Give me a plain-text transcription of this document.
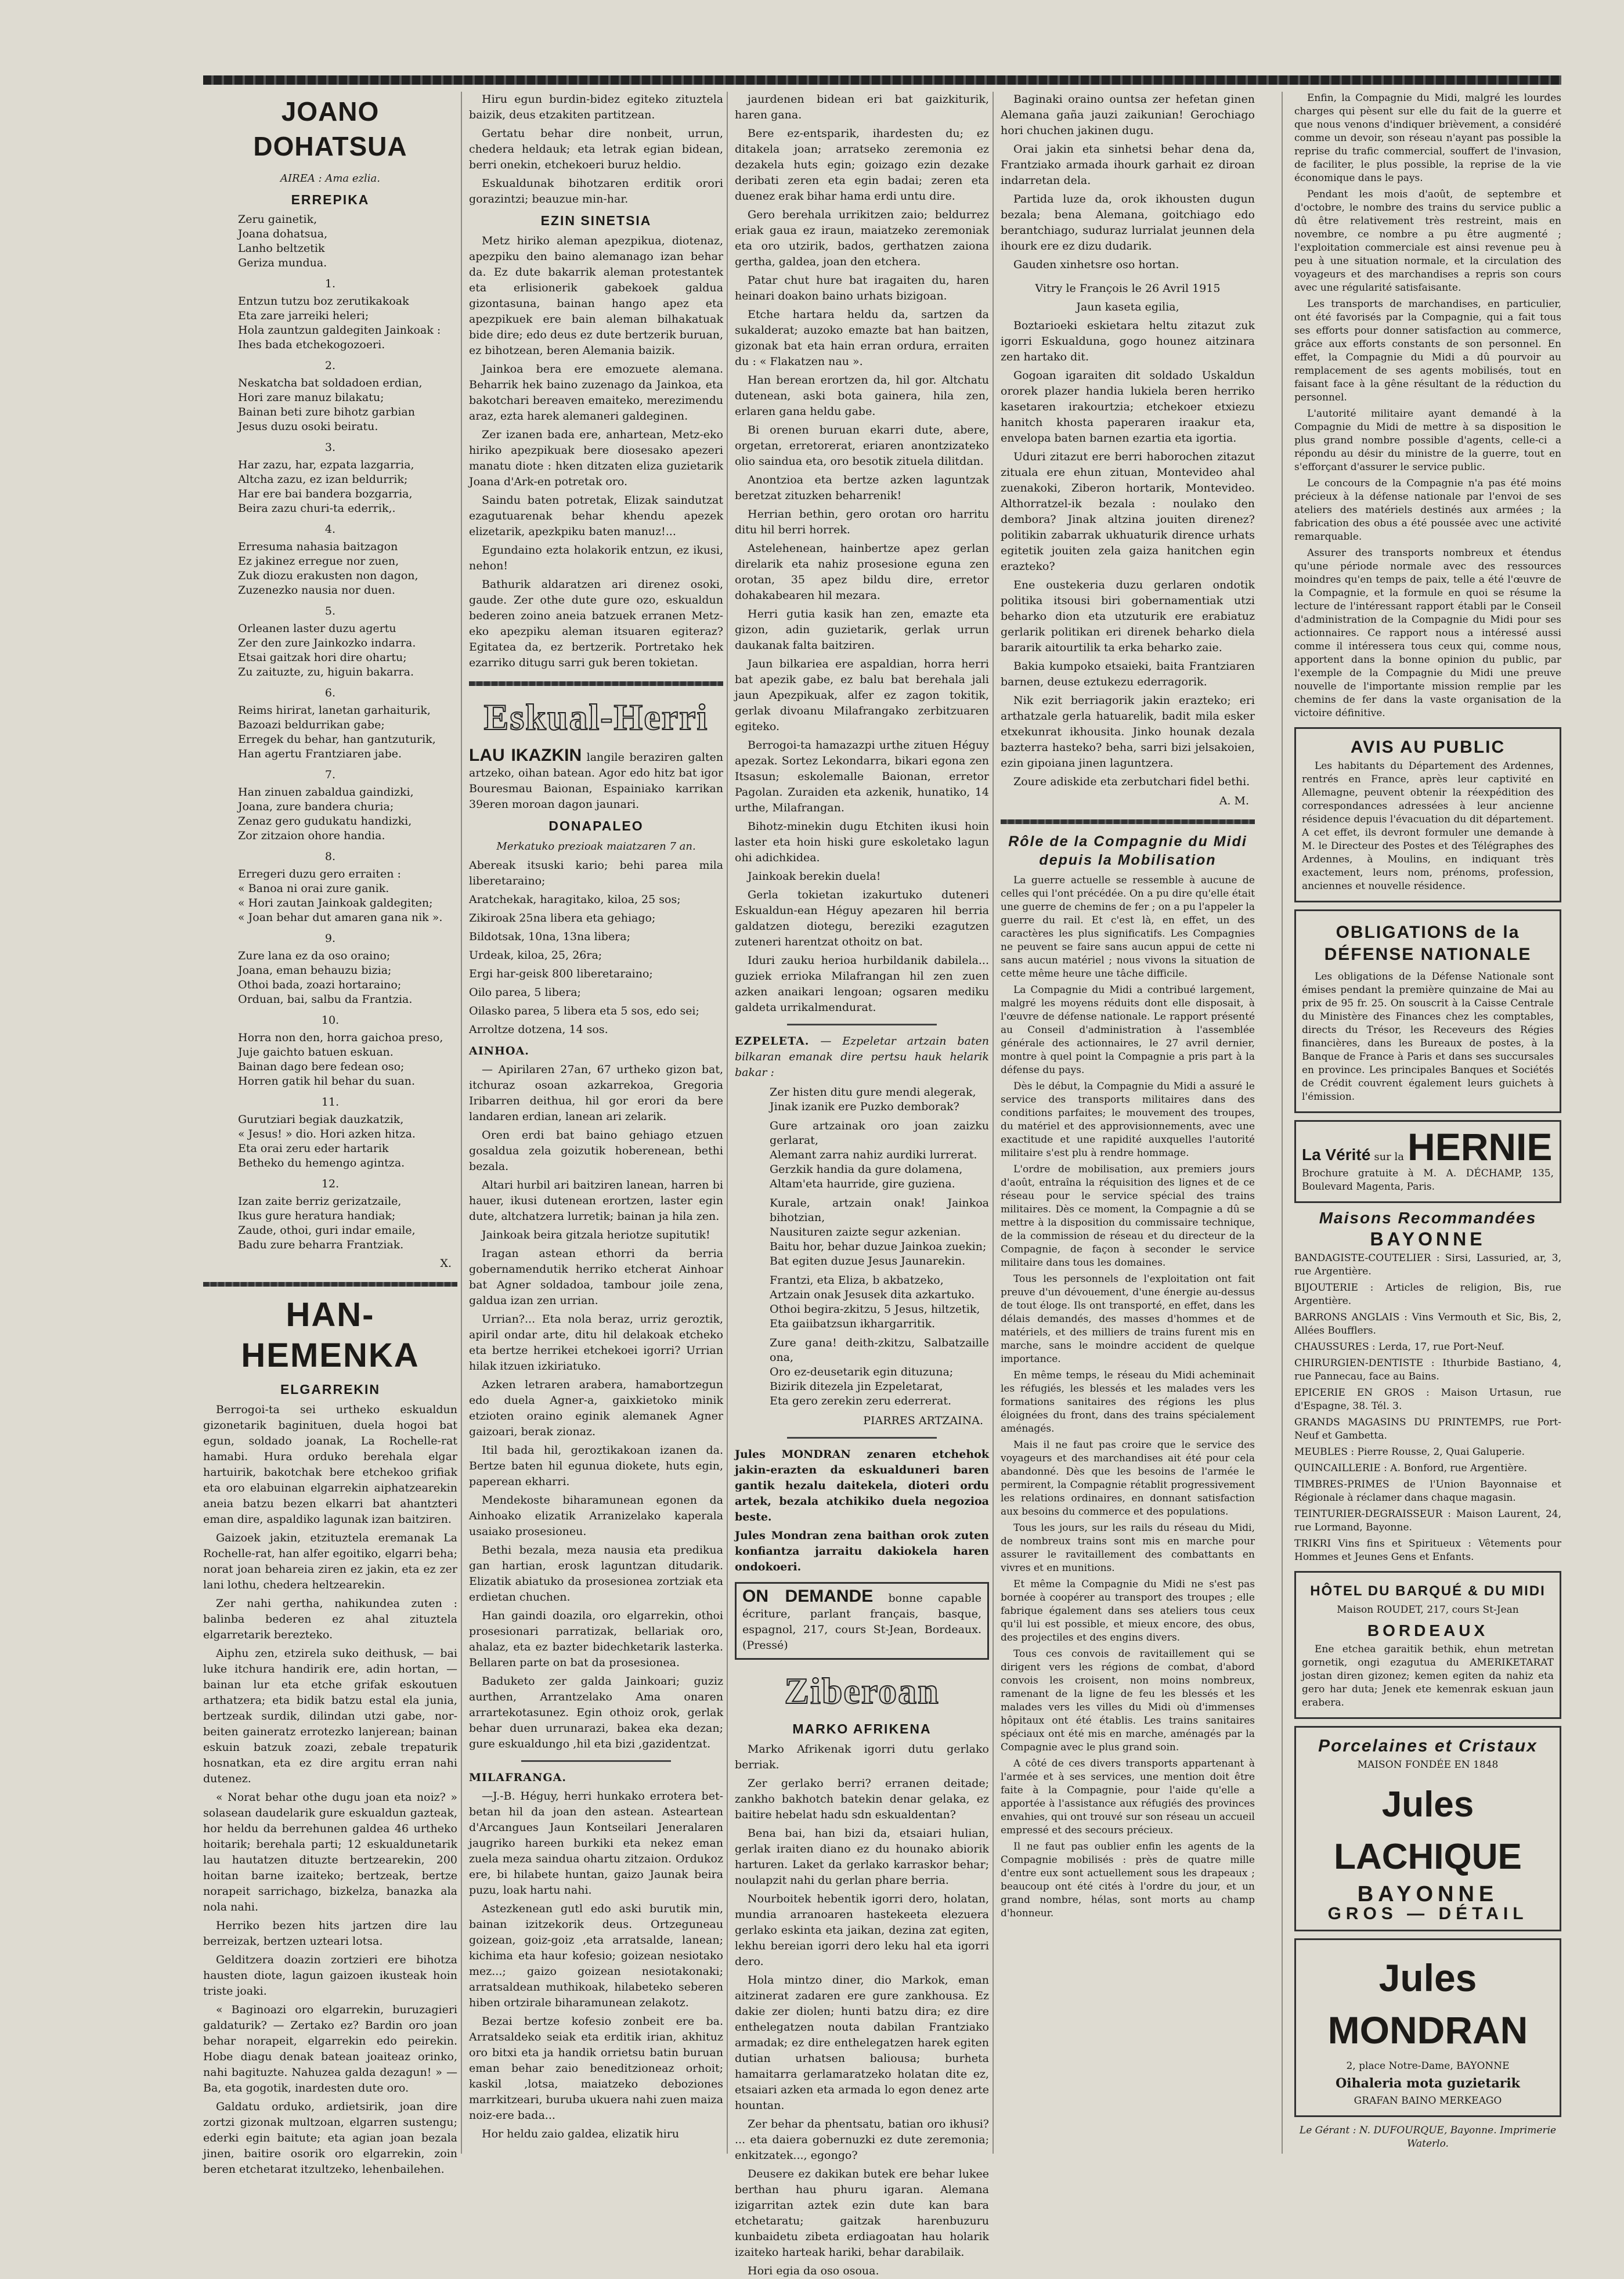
JOANO DOHATSUA
AIREA : Ama ezlia.
ERREPIKA
Zeru gainetik,
Joana dohatsua,
Lanho beltzetik
Geriza mundua.
1.
Entzun tutzu boz zerutikakoak
Eta zare jarreiki heleri;
Hola zauntzun galdegiten Jainkoak :
Ihes bada etchekogozoeri.
2.
Neskatcha bat soldadoen erdian,
Hori zare manuz bilakatu;
Bainan beti zure bihotz garbian
Jesus duzu osoki beiratu.
3.
Har zazu, har, ezpata lazgarria,
Altcha zazu, ez izan beldurrik;
Har ere bai bandera bozgarria,
Beira zazu churi-ta ederrik,.
4.
Erresuma nahasia baitzagon
Ez jakinez erregue nor zuen,
Zuk diozu erakusten non dagon,
Zuzenezko nausia nor duen.
5.
Orleanen laster duzu agertu
Zer den zure Jainkozko indarra.
Etsai gaitzak hori dire ohartu;
Zu zaituzte, zu, higuin bakarra.
6.
Reims hirirat, lanetan garhaiturik,
Bazoazi beldurrikan gabe;
Erregek du behar, han gantzuturik,
Han agertu Frantziaren jabe.
7.
Han zinuen zabaldua gaindizki,
Joana, zure bandera churia;
Zenaz gero gudukatu handizki,
Zor zitzaion ohore handia.
8.
Erregeri duzu gero erraiten :
« Banoa ni orai zure ganik.
« Hori zautan Jainkoak galdegiten;
« Joan behar dut amaren gana nik ».
9.
Zure lana ez da oso oraino;
Joana, eman behauzu bizia;
Othoi bada, zoazi hortaraino;
Orduan, bai, salbu da Frantzia.
10.
Horra non den, horra gaichoa preso,
Juje gaichto batuen eskuan.
Bainan dago bere fedean oso;
Horren gatik hil behar du suan.
11.
Gurutziari begiak dauzkatzik,
« Jesus! » dio. Hori azken hitza.
Eta orai zeru eder hartarik
Betheko du hemengo agintza.
12.
Izan zaite berriz gerizatzaile,
Ikus gure heratura handiak;
Zaude, othoi, guri indar emaile,
Badu zure beharra Frantziak.
X.
HAN-HEMENKA
ELGARREKIN

Berrogoi-ta sei urtheko eskualdun gizonetarik baginituen, duela hogoi bat egun, soldado joanak, La Rochelle-rat hamabi. Hura orduko berehala elgar hartuirik, bakotchak bere etchekoo grifiak eta oro elabuinan elgarrekin aiphatzearekin aneia batzu bezen elkarri bat ahantzteri eman dire, aspaldiko lagunak izan baitziren.

Gaizoek jakin, etzituztela eremanak La Rochelle-rat, han alfer egoitiko, elgarri beha; norat joan behareia ziren ez jakin, eta ez zer lani lothu, chedera heltzearekin.

Zer nahi gertha, nahikundea zuten : balinba bederen ez ahal zituztela elgarretarik berezteko.

Aiphu zen, etzirela suko deithusk, — bai luke itchura handirik ere, adin hortan, — bainan lur eta etche grifak eskoutuen arthatzera; eta bidik batzu estal ela junia, bertzeak surdik, dilindan utzi gabe, nor-beiten gaineratz errotezko lanjerean; bainan eskuin batzuk zoazi, zebale trepaturik hosnatkan, eta ez dire argitu erran nahi dutenez.

« Norat behar othe dugu joan eta noiz? » solasean daudelarik gure eskualdun gazteak, hor heldu da berrehunen galdea 46 urtheko hoitarik; berehala parti; 12 eskualdunetarik lau hautatzen dituzte bertzearekin, 200 hoitan barne izaiteko; bertzeak, bertze norapeit sarrichago, bizkelza, banazka ala nola nahi.

Herriko bezen hits jartzen dire lau berreizak, bertzen uzteari lotsa.

Gelditzera doazin zortzieri ere bihotza hausten diote, lagun gaizoen ikusteak hoin triste joaki.

« Baginoazi oro elgarrekin, buruzagieri galdaturik? — Zertako ez? Bardin oro joan behar norapeit, elgarrekin edo peirekin. Hobe diagu denak batean joaiteaz orinko, nahi bagituzte. Nahuzea galda dezagun! » — Ba, eta gogotik, inardesten dute oro.

Galdatu orduko, ardietsirik, joan dire zortzi gizonak multzoan, elgarren sustengu; ederki egin baitute; eta agian joan bezala jinen, baitire osorik oro elgarrekin, zoin beren etchetarat itzultzeko, lehenbailehen.

Hiru egun burdin-bidez egiteko zituztela baizik, deus etzakiten partitzean.

Gertatu behar dire nonbeit, urrun, chedera heldauk; eta letrak egian bidean, berri onekin, etchekoeri buruz heldio.

Eskualdunak bihotzaren erditik orori gorazintzi; beauzue min-har.

EZIN SINETSIA

Metz hiriko aleman apezpikua, diotenaz, apezpiku den baino alemanago izan behar da. Ez dute bakarrik aleman protestantek eta erlisionerik gabekoek galdua gizontasuna, bainan hango apez eta apezpikuek ere bain aleman bilhakatuak bide dire; edo deus ez dute bertzerik buruan, ez bihotzean, beren Alemania baizik.

Jainkoa bera ere emozuete alemana. Beharrik hek baino zuzenago da Jainkoa, eta bakotchari bereaven emaiteko, merezimendu araz, ezta harek alemaneri galdeginen.

Zer izanen bada ere, anhartean, Metz-eko hiriko apezpikuak bere diosesako apezeri manatu diote : hken ditzaten eliza guzietarik Joana d'Ark-en potretak oro.

Saindu baten potretak, Elizak saindutzat ezagutuarenak behar khendu apezek elizetarik, apezkpiku baten manuz!...

Egundaino ezta holakorik entzun, ez ikusi, nehon!

Bathurik aldaratzen ari direnez osoki, gaude. Zer othe dute gure ozo, eskualdun bederen zoino aneia batzuek erranen Metz-eko apezpiku aleman itsuaren egiteraz? Egitatea da, ez bertzerik. Portretako hek ezarriko ditugu sarri guk beren tokietan.

Eskual-Herri

LAU IKAZKIN langile beraziren galten artzeko, oihan batean. Agor edo hitz bat igor Bouresmau Baionan, Espainiako karrikan 39eren moroan dagon jaunari.

DONAPALEO
Merkatuko prezioak maiatzaren 7 an.

Abereak itsuski kario; behi parea mila liberetaraino;

Aratchekak, haragitako, kiloa, 25 sos;

Zikiroak 25na libera eta gehiago;

Bildotsak, 10na, 13na libera;

Urdeak, kiloa, 25, 26ra;

Ergi har-geisk 800 liberetaraino;

Oilo parea, 5 libera;

Oilasko parea, 5 libera eta 5 sos, edo sei;

Arroltze dotzena, 14 sos.

AINHOA.

— Apirilaren 27an, 67 urtheko gizon bat, itchuraz osoan azkarrekoa, Gregoria Iribarren deithua, hil gor erori da bere landaren erdian, lanean ari zelarik.

Oren erdi bat baino gehiago etzuen gosaldua zela goizutik hoberenean, bethi bezala.

Altari hurbil ari baitziren lanean, harren bi hauer, ikusi dutenean erortzen, laster egin dute, altchatzera lurretik; bainan ja hila zen.

Jainkoak beira gitzala heriotze supitutik!

Iragan astean ethorri da berria gobernamendutik herriko etcherat Ainhoar bat Agner soldadoa, tambour joile zena, galdua izan zen urrian.

Urrian?... Eta nola beraz, urriz geroztik, apiril ondar arte, ditu hil delakoak etcheko eta bertze herrikei etchekoei igorri? Urrian hilak itzuen izkiriatuko.

Azken letraren arabera, hamabortzegun edo duela Agner-a, gaixkietoko minik etzioten oraino eginik alemanek Agner gaizoari, berak zionaz.

Itil bada hil, geroztikakoan izanen da. Bertze baten hil egunua diokete, huts egin, paperean ekharri.

Mendekoste biharamunean egonen da Ainhoako elizatik Arranizelako kaperala usaiako prosesioneu.

Bethi bezala, meza nausia eta predikua gan hartian, erosk laguntzan ditudarik. Elizatik abiatuko da prosesionea zortziak eta erdietan chuchen.

Han gaindi doazila, oro elgarrekin, othoi prosesionari parratizak, bellariak oro, ahalaz, eta ez bazter bidechketarik lasterka. Bellaren parte on bat da prosesionea.

Baduketo zer galda Jainkoari; guziz aurthen, Arrantzelako Ama onaren arrartekotasunez. Egin othoiz orok, gerlak behar duen urrunarazi, bakea eka dezan; gure eskualdungo ,hil eta bizi ,gazidentzat.

MILAFRANGA.

—J.-B. Héguy, herri hunkako errotera bet-betan hil da joan den astean. Asteartean d'Arcangues Jaun Kontseilari Jeneralaren jaugriko hareen burkiki eta nekez eman zuela meza saindua ohartu zitzaion. Ordukoz ere, bi hilabete huntan, gaizo Jaunak beira puzu, loak hartu nahi.

Astezkenean gutl edo aski burutik min, bainan izitzekorik deus. Ortzeguneau goizean, goiz-goiz ,eta arratsalde, lanean; kichima eta haur kofesio; goizean nesiotako mez...; gaizo goizean nesiotakonaki; arratsaldean muthikoak, hilabeteko seberen hiben ortzirale biharamunean zelakotz.

Bezai bertze kofesio zonbeit ere ba. Arratsaldeko seiak eta erditik irian, akhituz oro bitxi eta ja handik orrietsu batin buruan eman behar zaio beneditzioneaz orhoit; kaskil ,lotsa, maiatzeko deboziones marrkitzeari, buruba ukuera nahi zuen maiza noiz-ere bada...

Hor heldu zaio galdea, elizatik hiru

jaurdenen bidean eri bat gaizkiturik, haren gana.

Bere ez-entsparik, ihardesten du; ez ditakela joan; arratseko zeremonia ez dezakela huts egin; goizago ezin dezake deribati zeren eta egin badai; zeren eta duenez erak bihar hama erdi untu dire.

Gero berehala urrikitzen zaio; beldurrez eriak gaua ez iraun, maiatzeko zeremoniak eta oro utzirik, bados, gerthatzen zaiona gertha, galdea, joan den etchera.

Patar chut hure bat iragaiten du, haren heinari doakon baino urhats bizigoan.

Etche hartara heldu da, sartzen da sukalderat; auzoko emazte bat han baitzen, gizonak bat eta hain erran ordura, erraiten du : « Flakatzen nau ».

Han berean erortzen da, hil gor. Altchatu dutenean, aski bota gainera, hila zen, erlaren gana heldu gabe.

Bi orenen buruan ekarri dute, abere, orgetan, erretorerat, eriaren anontzizateko olio saindua eta, oro besotik zituela dilitdan.

Anontzioa eta bertze azken laguntzak beretzat zituzken beharrenik!

Herrian bethin, gero orotan oro harritu ditu hil berri horrek.

Astelehenean, hainbertze apez gerlan direlarik eta nahiz prosesione eguna zen orotan, 35 apez bildu dire, erretor dohakabearen hil mezara.

Herri gutia kasik han zen, emazte eta gizon, adin guzietarik, gerlak urrun daukanak falta baitziren.

Jaun bilkariea ere aspaldian, horra herri bat apezik gabe, ez balu bat berehala jali jaun Apezpikuak, alfer ez zagon tokitik, gerlak divoanu Milafrangako zerbitzuaren egiteko.

Berrogoi-ta hamazazpi urthe zituen Héguy apezak. Sortez Lekondarra, bikari egona zen Itsasun; eskolemalle Baionan, erretor Pagolan. Zuraiden eta azkenik, hunatiko, 14 urthe, Milafrangan.

Bihotz-minekin dugu Etchiten ikusi hoin laster eta hoin hiski gure eskoletako lagun ohi adichkidea.

Jainkoak berekin duela!

Gerla tokietan izakurtuko duteneri Eskualdun-ean Héguy apezaren hil berria galdatzen diotegu, bereziki ezagutzen zuteneri harentzat othoitz on bat.

Iduri zauku herioa hurbildanik dabilela... guziek errioka Milafrangan hil zen zuen azken anaikari lengoan; ogsaren mediku galdeta urrikalmendurat.

EZPELETA. — Ezpeletar artzain baten bilkaran emanak dire pertsu hauk helarik bakar :

Zer histen ditu gure mendi alegerak,
Jinak izanik ere Puzko demborak?
Gure artzainak oro joan zaizku gerlarat,
Alemant zarra nahiz aurdiki lurrerat.
Gerzkik handia da gure dolamena,
Altam'eta haurride, gire guziena.
Kurale, artzain onak! Jainkoa bihotzian,
Nausituren zaizte segur azkenian.
Baitu hor, behar duzue Jainkoa zuekin;
Bat egiten duzue Jesus Jaunarekin.
Frantzi, eta Eliza, b akbatzeko,
Artzain onak Jesusek dita azkartuko.
Othoi begira-zkitzu, 5 Jesus, hiltzetik,
Eta gaiibatzsun ikhargarritik.
Zure gana! deith-zkitzu, Salbatzaille ona,
Oro ez-deusetarik egin dituzuna;
Bizirik ditezela jin Ezpeletarat,
Eta gero zerekin zeru ederrerat.
PIARRES ARTZAINA.

Jules MONDRAN zenaren etchehok jakin-erazten da eskualduneri baren gantik hezalu daitekela, dioteri ordu artek, bezala atchikiko duela negozioa beste.

Jules Mondran zena baithan orok zuten konfiantza jarraitu dakiokela haren ondokoeri.

ON DEMANDE bonne capable écriture, parlant français, basque, espagnol, 217, cours St-Jean, Bordeaux. (Pressé)
Ziberoan
MARKO AFRIKENA

Marko Afrikenak igorri dutu gerlako berriak.

Zer gerlako berri? erranen deitade; zankho bakhotch batekin denar gelaka, ez baitire hebelat hadu sdn eskualdentan?

Bena bai, han bizi da, etsaiari hulian, gerlak iraiten diano ez du hounako abiorik harturen. Laket da gerlako karraskor behar; noulapzit nahi du gerlan phare berria.

Nourboitek hebentik igorri dero, holatan, mundia arranoaren hastekeeta elezuera gerlako eskinta eta jaikan, dezina zat egiten, lekhu bereian igorri dero leku hal eta igorri dero.

Hola mintzo diner, dio Markok, eman aitzinerat zadaren ere gure zankhousa. Ez dakie zer diolen; hunti batzu dira; ez dire enthelegatzen nouta dabilan Frantziako armadak; ez dire enthelegatzen harek egiten dutian urhatsen baliousa; burheta hamaitarra gerlamaratzeko holatan dite ez, etsaiari azken eta armada lo egon denez arte hountan.

Zer behar da phentsatu, batian oro ikhusi? ... eta daiera gobernuzki ez dute zeremonia; enkitzatek..., egongo?

Deusere ez dakikan butek ere behar lukee berthan hau phuru igaran. Alemana izigarritan aztek ezin dute kan bara etchetaratu; gaitzak harenbuzuru kunbaidetu zibeta erdiagoatan hau holarik izaiteko harteak hariki, behar darabilaik.

Hori egia da oso osoua.

Baginaki oraino ountsa zer hefetan ginen Alemana gaña jauzi zaikunian! Gerochiago hori chuchen jakinen dugu.

Orai jakin eta sinhetsi behar dena da, Frantziako armada ihourk garhait ez diroan indarretan dela.

Partida luze da, orok ikhousten dugun bezala; bena Alemana, goitchiago edo berantchiago, suduraz lurrialat jeunnen dela ihourk ere ez dizu dudarik.

Gauden xinhetsre oso hortan.

Vitry le François le 26 Avril 1915

Jaun kaseta egilia,

Boztarioeki eskietara heltu zitazut zuk igorri Eskualduna, gogo hounez aitzinara zen hartako dit.

Gogoan igaraiten dit soldado Uskaldun ororek plazer handia lukiela beren herriko kasetaren irakourtzia; etchekoer etxiezu hanitch khosta paperaren iraakur eta, envelopa baten barnen ezartia eta igortia.

Uduri zitazut ere berri haborochen zitazut zituala ere ehun zituan, Montevideo ahal zuenakoki, Ziberon hortarik, Montevideo. Althorratzel-ik bezala : noulako den dembora? Jinak altzina jouiten direnez? politikin zabarrak ukhuaturik dirence urhats egitetik jouiten zela gaiza hanitchen egin erazteko?

Ene oustekeria duzu gerlaren ondotik politika itsousi biri gobernamentiak utzi beharko dion eta utzuturik ere erabiatuz gerlarik politikan eri direnek beharko diela bararik aitourtilik ta erka beharko zaie.

Bakia kumpoko etsaieki, baita Frantziaren barnen, deuse eztukezu ederragorik.

Nik ezit berriagorik jakin erazteko; eri arthatzale gerla hatuarelik, badit mila esker etxekunrat ikhousita. Jinko hounak dezala bazterra hasteko? beha, sarri bizi jelsakoien, ezin gipoiana jinen laguntzera.

Zoure adiskide eta zerbutchari fidel bethi.

A. M.
Rôle de la Compagnie du Midi depuis la Mobilisation

La guerre actuelle se ressemble à aucune de celles qui l'ont précédée. On a pu dire qu'elle était une guerre de chemins de fer ; on a pu l'appeler la guerre du rail. Et c'est là, en effet, un des caractères les plus significatifs. Les Compagnies ne peuvent se faire sans aucun appui de cette ni sans aucun matériel ; nous vivons la situation de cette même heure une tâche difficile.

La Compagnie du Midi a contribué largement, malgré les moyens réduits dont elle disposait, à l'œuvre de défense nationale. Le rapport présenté au Conseil d'administration à l'assemblée générale des actionnaires, le 27 avril dernier, montre à quel point la Compagnie a pris part à la défense du pays.

Dès le début, la Compagnie du Midi a assuré le service des transports militaires dans des conditions parfaites; le mouvement des troupes, du matériel et des approvisionnements, avec une exactitude et une rapidité auxquelles l'autorité militaire s'est plu à rendre hommage.

L'ordre de mobilisation, aux premiers jours d'août, entraîna la réquisition des lignes et de ce réseau pour le service spécial des trains militaires. Dès ce moment, la Compagnie a dû se mettre à la disposition du commissaire technique, de la commission de réseau et du directeur de la Compagnie, de façon à seconder le service militaire dans tous les domaines.

Tous les personnels de l'exploitation ont fait preuve d'un dévouement, d'une énergie au-dessus de tout éloge. Ils ont transporté, en effet, dans les délais demandés, des masses d'hommes et de matériels, et des milliers de trains furent mis en marche, sans le moindre accident de quelque importance.

En même temps, le réseau du Midi acheminait les réfugiés, les blessés et les malades vers les formations sanitaires des régions les plus éloignées du front, dans des trains spécialement aménagés.

Mais il ne faut pas croire que le service des voyageurs et des marchandises ait été pour cela abandonné. Dès que les besoins de l'armée le permirent, la Compagnie rétablit progressivement les relations ordinaires, en donnant satisfaction aux besoins du commerce et des populations.

Tous les jours, sur les rails du réseau du Midi, de nombreux trains sont mis en marche pour assurer le ravitaillement des combattants en vivres et en munitions.

Et même la Compagnie du Midi ne s'est pas bornée à coopérer au transport des troupes ; elle fabrique également dans ses ateliers tous ceux qu'il lui est possible, et mieux encore, des obus, des projectiles et des engins divers.

Tous ces convois de ravitaillement qui se dirigent vers les régions de combat, d'abord convois les croisent, non moins nombreux, ramenant de la ligne de feu les blessés et les malades vers les villes du Midi où d'immenses hôpitaux ont été établis. Les trains sanitaires spéciaux ont été mis en marche, aménagés par la Compagnie avec le plus grand soin.

A côté de ces divers transports appartenant à l'armée et à ses services, une mention doit être faite à la Compagnie, pour l'aide qu'elle a apportée à l'assistance aux réfugiés des provinces envahies, qui ont trouvé sur son réseau un accueil empressé et des secours précieux.

Il ne faut pas oublier enfin les agents de la Compagnie mobilisés : près de quatre mille d'entre eux sont actuellement sous les drapeaux ; beaucoup ont été cités à l'ordre du jour, et un grand nombre, hélas, sont morts au champ d'honneur.

Enfin, la Compagnie du Midi, malgré les lourdes charges qui pèsent sur elle du fait de la guerre et que nous venons d'indiquer brièvement, a considéré comme un devoir, son réseau n'ayant pas possible la reprise du trafic commercial, souffert de l'invasion, de faciliter, le plus possible, la reprise de la vie économique dans le pays.

Pendant les mois d'août, de septembre et d'octobre, le nombre des trains du service public a dû être relativement très restreint, mais en novembre, ce nombre a pu être augmenté ; l'exploitation commerciale est ainsi revenue peu à peu à une situation normale, et la circulation des voyageurs et des marchandises a repris son cours avec une régularité satisfaisante.

Les transports de marchandises, en particulier, ont été favorisés par la Compagnie, qui a fait tous ses efforts pour donner satisfaction au commerce, grâce aux efforts constants de son personnel. En effet, la Compagnie du Midi a dû pourvoir au remplacement de ses agents mobilisés, tout en faisant face à la gêne résultant de la réduction du personnel.

L'autorité militaire ayant demandé à la Compagnie du Midi de mettre à sa disposition le plus grand nombre possible d'agents, celle-ci a répondu au désir du ministre de la guerre, tout en s'efforçant d'assurer le service public.

Le concours de la Compagnie n'a pas été moins précieux à la défense nationale par l'envoi de ses ateliers des matériels destinés aux armées ; la fabrication des obus a été poussée avec une activité remarquable.

Assurer des transports nombreux et étendus qu'une période normale avec des ressources moindres qu'en temps de paix, telle a été l'œuvre de la Compagnie, et la formule en quoi se résume la lecture de l'intéressant rapport établi par le Conseil d'administration de la Compagnie du Midi pour ses actionnaires. Ce rapport nous a intéressé aussi comme il intéressera tous ceux qui, comme nous, apportent dans la bonne opinion du public, par l'exemple de la Compagnie du Midi une preuve nouvelle de l'importante mission remplie par les chemins de fer dans la vaste organisation de la victoire définitive.

AVIS AU PUBLIC

Les habitants du Département des Ardennes, rentrés en France, après leur captivité en Allemagne, peuvent obtenir la réexpédition des correspondances adressées à leur ancienne résidence depuis l'évacuation du dit département. A cet effet, ils devront formuler une demande à M. le Directeur des Postes et des Télégraphes des Ardennes, à Moulins, en indiquant très exactement, leurs nom, prénoms, profession, anciennes et nouvelle résidence.

OBLIGATIONS de la DÉFENSE NATIONALE

Les obligations de la Défense Nationale sont émises pendant la première quinzaine de Mai au prix de 95 fr. 25. On souscrit à la Caisse Centrale du Ministère des Finances chez les comptables, directs du Trésor, les Receveurs des Régies financières, dans les Bureaux de postes, à la Banque de France à Paris et dans ses succursales en province. Les principales Banques et Sociétés de Crédit couvrent également leurs guichets à l'émission.

La Vérité sur la HERNIE

Brochure gratuite à M. A. DÉCHAMP, 135, Boulevard Magenta, Paris.

Maisons Recommandées
BAYONNE

BANDAGISTE-COUTELIER : Sirsi, Lassuried, ar, 3, rue Argentière.

BIJOUTERIE : Articles de religion, Bis, rue Argentière.

BARRONS ANGLAIS : Vins Vermouth et Sic, Bis, 2, Allées Boufflers.

CHAUSSURES : Lerda, 17, rue Port-Neuf.

CHIRURGIEN-DENTISTE : Ithurbide Bastiano, 4, rue Pannecau, face au Bains.

EPICERIE EN GROS : Maison Urtasun, rue d'Espagne, 38. Tél. 3.

GRANDS MAGASINS DU PRINTEMPS, rue Port-Neuf et Gambetta.

MEUBLES : Pierre Rousse, 2, Quai Galuperie.

QUINCAILLERIE : A. Bonford, rue Argentière.

TIMBRES-PRIMES de l'Union Bayonnaise et Régionale à réclamer dans chaque magasin.

TEINTURIER-DEGRAISSEUR : Maison Laurent, 24, rue Lormand, Bayonne.

TRIKRI Vins fins et Spiritueux : Vêtements pour Hommes et Jeunes Gens et Enfants.

HÔTEL DU BARQUÉ & DU MIDI

Maison ROUDET, 217, cours St-Jean

BORDEAUX

Ene etchea garaitik bethik, ehun metretan gornetik, ongi ezagutua du AMERIKETARAT jostan diren gizonez; kemen egiten da nahiz eta gero har duta; Jenek ete kemenrak eskuan jaun erabera.

Porcelaines et Cristaux

MAISON FONDÉE EN 1848

Jules LACHIQUE
BAYONNE
GROS — DÉTAIL
Jules MONDRAN

2, place Notre-Dame, BAYONNE

Oihaleria mota guzietarik

GRAFAN BAINO MERKEAGO

Le Gérant : N. DUFOURQUE, Bayonne. Imprimerie Waterlo.
